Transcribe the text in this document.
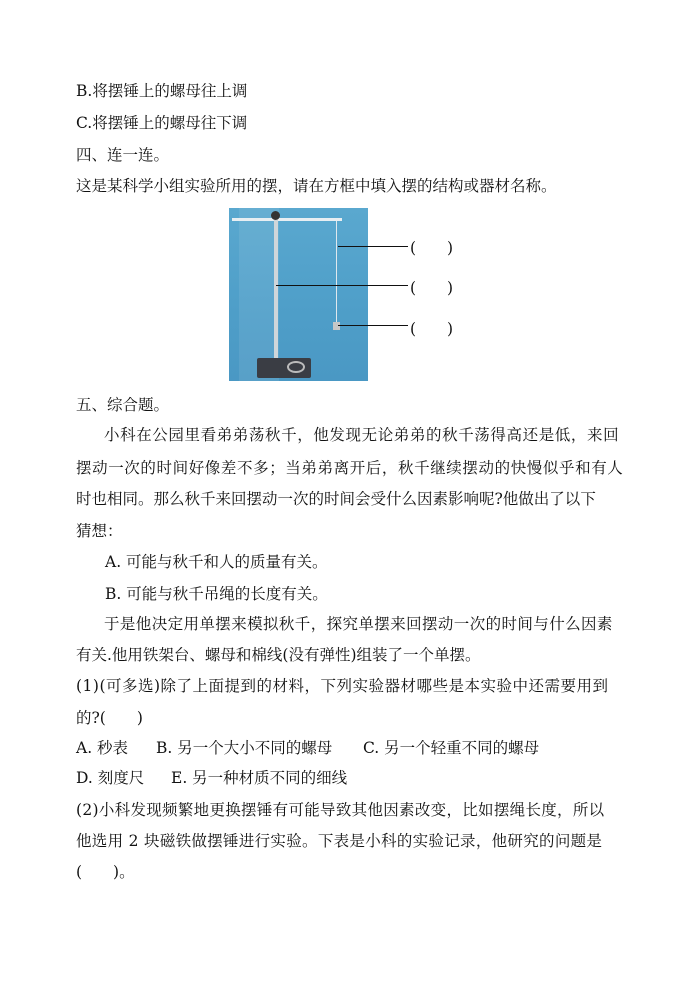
B.将摆锤上的螺母往上调
C.将摆锤上的螺母往下调
四、连一连。
这是某科学小组实验所用的摆，请在方框中填入摆的结构或器材名称。
(　　)
(　　)
(　　)
五、综合题。
小科在公园里看弟弟荡秋千，他发现无论弟弟的秋千荡得高还是低，来回
摆动一次的时间好像差不多；当弟弟离开后，秋千继续摆动的快慢似乎和有人
时也相同。那么秋千来回摆动一次的时间会受什么因素影响呢?他做出了以下
猜想：
A. 可能与秋千和人的质量有关。
B. 可能与秋千吊绳的长度有关。
于是他决定用单摆来模拟秋千，探究单摆来回摆动一次的时间与什么因素
有关.他用铁架台、螺母和棉线(没有弹性)组装了一个单摆。
(1)(可多选)除了上面提到的材料，下列实验器材哪些是本实验中还需要用到
的?(　　)
A. 秒表 B. 另一个大小不同的螺母 C. 另一个轻重不同的螺母
D. 刻度尺 E. 另一种材质不同的细线
(2)小科发现频繁地更换摆锤有可能导致其他因素改变，比如摆绳长度，所以
他选用 2 块磁铁做摆锤进行实验。下表是小科的实验记录，他研究的问题是
(　　)。
